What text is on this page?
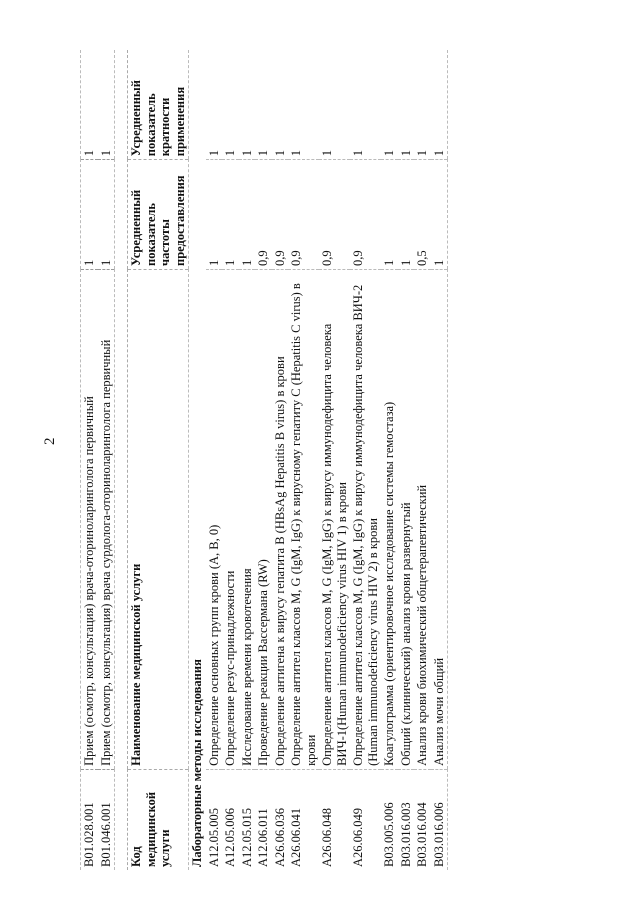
2
B01.028.001	Прием (осмотр, консультация) врача-оториноларинголога первичный	1	1
B01.046.001	Прием (осмотр, консультация) врача сурдолога-оториноларинголога первичный	1	1
Лабораторные методы исследования			
Код медицинской услуги	Наименование медицинской услуги	Усредненный показатель частоты предоставления	Усредненный показатель кратности применения
A12.05.005	Определение основных групп крови (А, В, 0)	1	1
A12.05.006	Определение резус-принадлежности	1	1
A12.05.015	Исследование времени кровотечения	1	1
A12.06.011	Проведение реакции Вассермана (RW)	0,9	1
A26.06.036	Определение антигена к вирусу гепатита В (HBsAg Hepatitis В virus) в крови	0,9	1
A26.06.041	Определение антител классов М, G (IgM, IgG) к вирусному гепатиту С (Hepatitis С virus) в крови	0,9	1
A26.06.048	Определение антител классов М, G (IgM, IgG) к вирусу иммунодефицита человека ВИЧ-1(Human immunodeficiency virus HIV 1) в крови	0,9	1
A26.06.049	Определение антител классов М, G (IgM, IgG) к вирусу иммунодефицита человека ВИЧ-2 (Human immunodeficiency virus HIV 2) в крови	0,9	1
B03.005.006	Коагулограмма (ориентировочное исследование системы гемостаза)	1	1
B03.016.003	Общий (клинический) анализ крови развернутый	1	1
B03.016.004	Анализ крови биохимический общетерапевтический	0,5	1
B03.016.006	Анализ мочи общий	1	1
